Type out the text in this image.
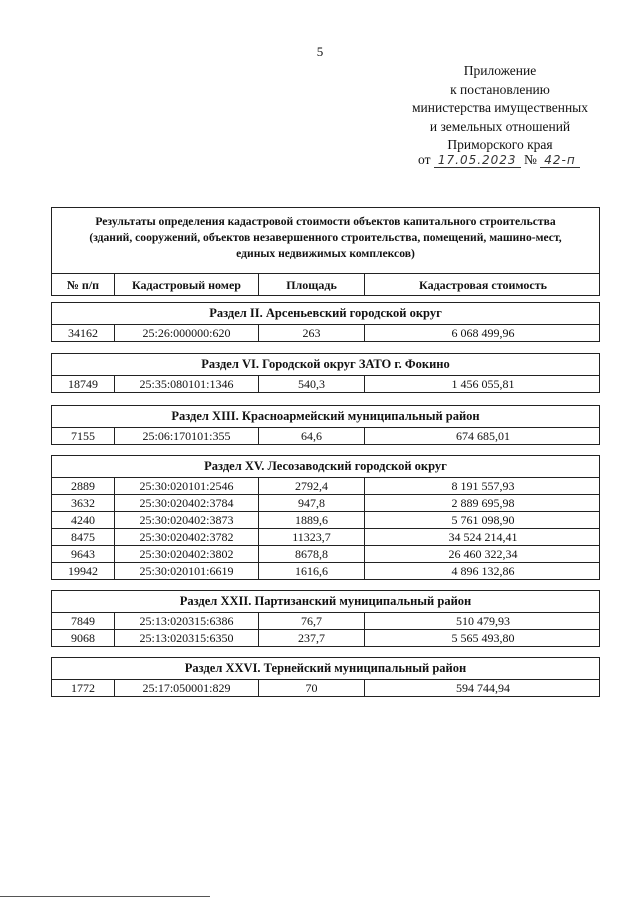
5
Приложение
к постановлению
министерства имущественных
и земельных отношений
Приморского края
от 17.05.2023 № 42-п
Результаты определения кадастровой стоимости объектов капитального строительства
(зданий, сооружений, объектов незавершенного строительства, помещений, машино-мест,
единых недвижимых комплексов)
№ п/п	Кадастровый номер	Площадь	Кадастровая стоимость
Раздел II. Арсеньевский городской округ
34162	25:26:000000:620	263	6 068 499,96
Раздел VI. Городской округ ЗАТО г. Фокино
18749	25:35:080101:1346	540,3	1 456 055,81
Раздел XIII. Красноармейский муниципальный район
7155	25:06:170101:355	64,6	674 685,01
Раздел XV. Лесозаводский городской округ
2889	25:30:020101:2546	2792,4	8 191 557,93
3632	25:30:020402:3784	947,8	2 889 695,98
4240	25:30:020402:3873	1889,6	5 761 098,90
8475	25:30:020402:3782	11323,7	34 524 214,41
9643	25:30:020402:3802	8678,8	26 460 322,34
19942	25:30:020101:6619	1616,6	4 896 132,86
Раздел XXII. Партизанский муниципальный район
7849	25:13:020315:6386	76,7	510 479,93
9068	25:13:020315:6350	237,7	5 565 493,80
Раздел XXVI. Тернейский муниципальный район
1772	25:17:050001:829	70	594 744,94
